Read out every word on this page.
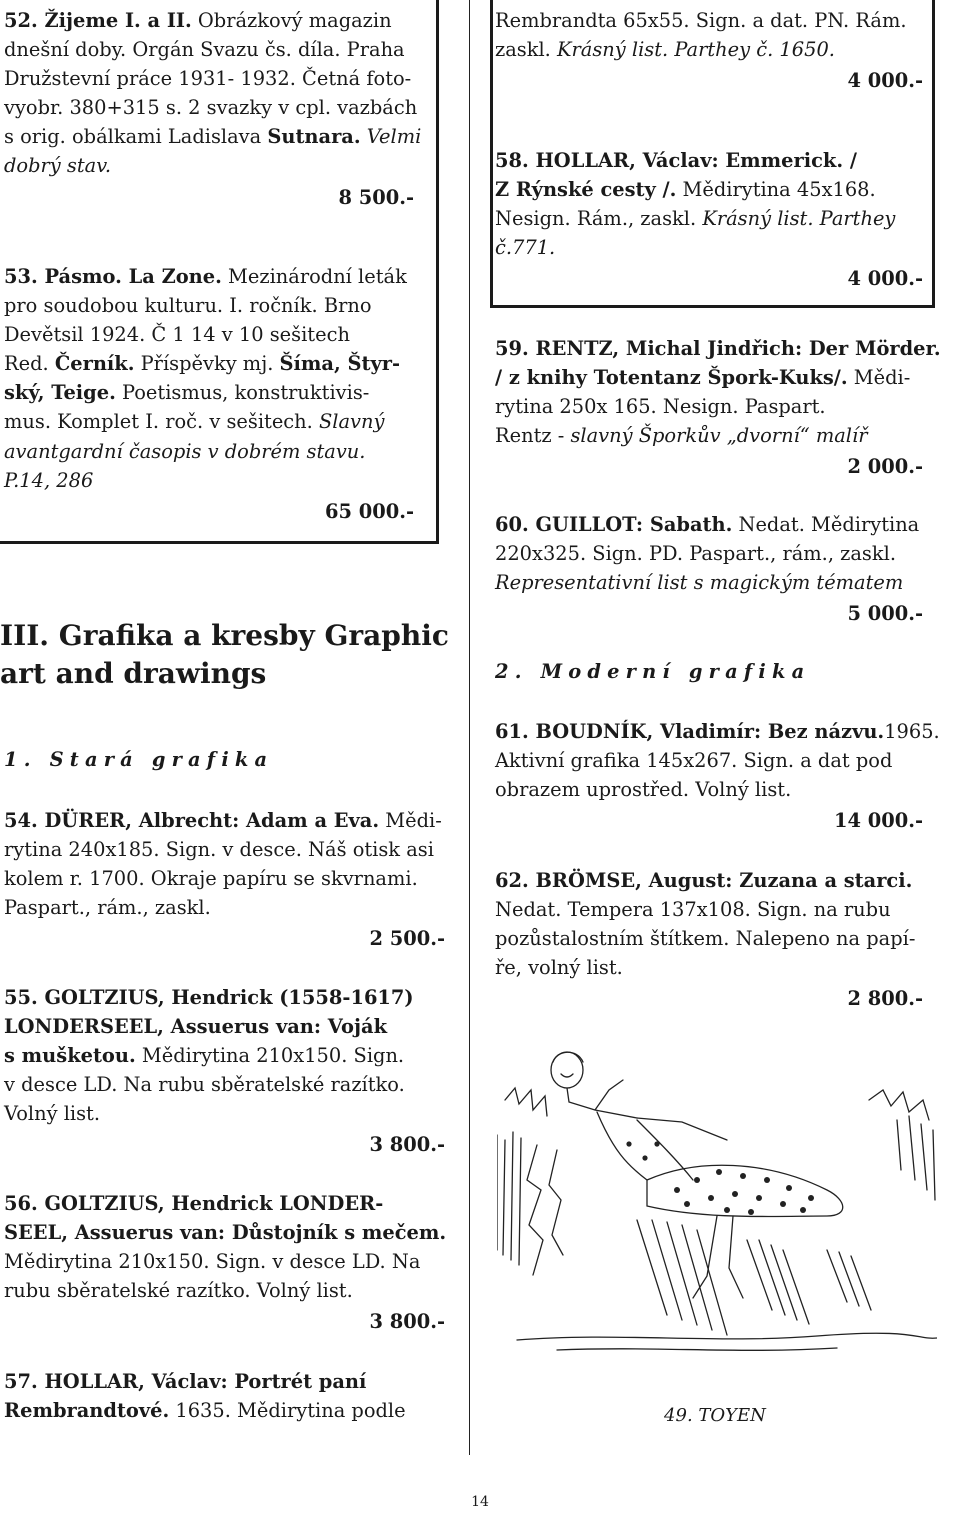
52. Žijeme I. a II. Obrázkový magazin

dnešní doby. Orgán Svazu čs. díla. Praha

Družstevní práce 1931- 1932. Četná foto-

vyobr. 380+315 s. 2 svazky v cpl. vazbách

s orig. obálkami Ladislava Sutnara. Velmi

dobrý stav.

8 500.-

53. Pásmo. La Zone. Mezinárodní leták

pro soudobou kulturu. I. ročník. Brno

Devětsil 1924. Č 1 14 v 10 sešitech

Red. Černík. Příspěvky mj. Šíma, Štyr-

ský, Teige. Poetismus, konstruktivis-

mus. Komplet I. roč. v sešitech. Slavný

avantgardní časopis v dobrém stavu.

P.14, 286

65 000.-

III. Grafika a kresby Graphic
art and drawings
1. Stará grafika

54. DÜRER, Albrecht: Adam a Eva. Mědi-

rytina 240x185. Sign. v desce. Náš otisk asi

kolem r. 1700. Okraje papíru se skvrnami.

Paspart., rám., zaskl.

2 500.-

55. GOLTZIUS, Hendrick (1558-1617)

LONDERSEEL, Assuerus van: Voják

s mušketou. Mědirytina 210x150. Sign.

v desce LD. Na rubu sběratelské razítko.

Volný list.

3 800.-

56. GOLTZIUS, Hendrick LONDER-

SEEL, Assuerus van: Důstojník s mečem.

Mědirytina 210x150. Sign. v desce LD. Na

rubu sběratelské razítko. Volný list.

3 800.-

57. HOLLAR, Václav: Portrét paní

Rembrandtové. 1635. Mědirytina podle

Rembrandta 65x55. Sign. a dat. PN. Rám.

zaskl. Krásný list. Parthey č. 1650.

4 000.-

58. HOLLAR, Václav: Emmerick. /

Z Rýnské cesty /. Mědirytina 45x168.

Nesign. Rám., zaskl. Krásný list. Parthey

č.771.

4 000.-

59. RENTZ, Michal Jindřich: Der Mörder.

/ z knihy Totentanz Špork-Kuks/. Mědi-

rytina 250x 165. Nesign. Paspart.

Rentz - slavný Šporkův „dvorní“ malíř

2 000.-

60. GUILLOT: Sabath. Nedat. Mědirytina

220x325. Sign. PD. Paspart., rám., zaskl.

Representativní list s magickým tématem

5 000.-

2. Moderní grafika

61. BOUDNÍK, Vladimír: Bez názvu.1965.

Aktivní grafika 145x267. Sign. a dat pod

obrazem uprostřed. Volný list.

14 000.-

62. BRÖMSE, August: Zuzana a starci.

Nedat. Tempera 137x108. Sign. na rubu

pozůstalostním štítkem. Nalepeno na papí-

ře, volný list.

2 800.-

49. TOYEN
14
